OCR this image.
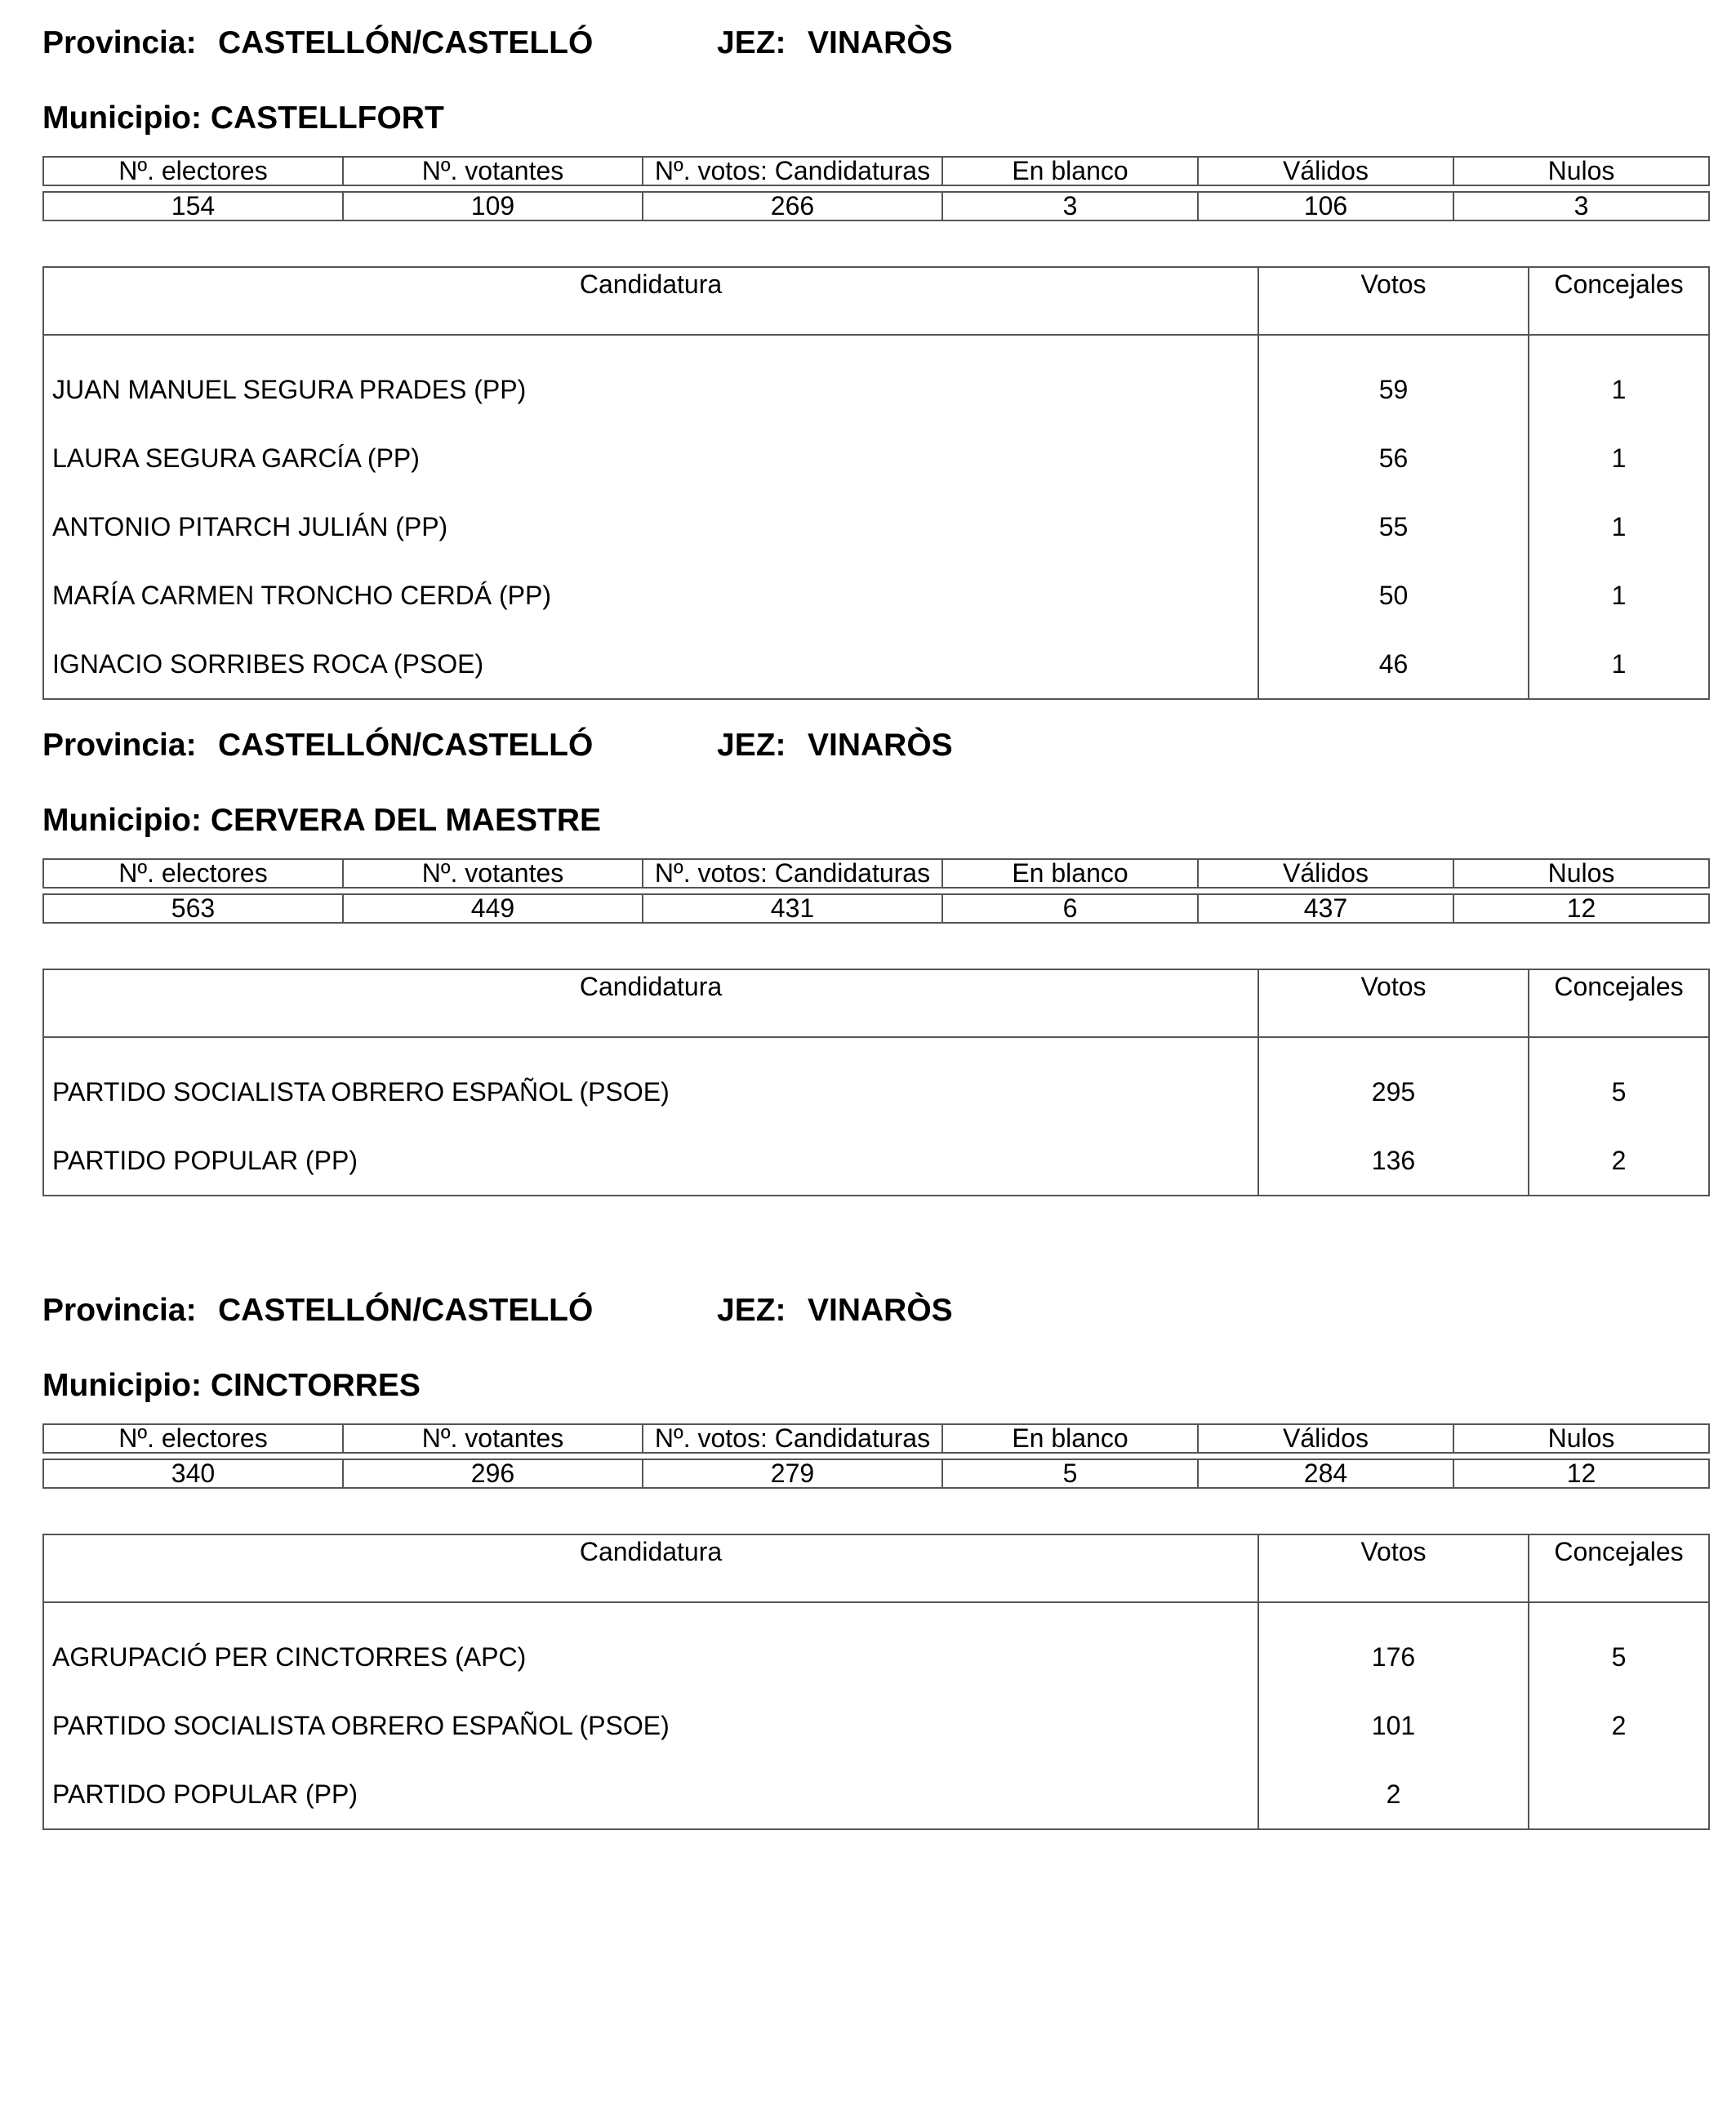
Provincia: CASTELLÓN/CASTELLÓ	JEZ: VINARÒS
Municipio: CASTELLFORT
Nº. electores	Nº. votantes	Nº. votos: Candidaturas	En blanco	Válidos	Nulos

154	109	266	3	106	3
Candidatura	Votos	Concejales

JUAN MANUEL SEGURA PRADES (PP)	59	1
LAURA SEGURA GARCÍA (PP)	56	1
ANTONIO PITARCH JULIÁN (PP)	55	1
MARÍA CARMEN TRONCHO CERDÁ (PP)	50	1
IGNACIO SORRIBES ROCA (PSOE)	46	1
Provincia: CASTELLÓN/CASTELLÓ	JEZ: VINARÒS
Municipio: CERVERA DEL MAESTRE
Nº. electores	Nº. votantes	Nº. votos: Candidaturas	En blanco	Válidos	Nulos

563	449	431	6	437	12
Candidatura	Votos	Concejales

PARTIDO SOCIALISTA OBRERO ESPAÑOL (PSOE)	295	5
PARTIDO POPULAR (PP)	136	2
Provincia: CASTELLÓN/CASTELLÓ	JEZ: VINARÒS
Municipio: CINCTORRES
Nº. electores	Nº. votantes	Nº. votos: Candidaturas	En blanco	Válidos	Nulos

340	296	279	5	284	12
Candidatura	Votos	Concejales

AGRUPACIÓ PER CINCTORRES (APC)	176	5
PARTIDO SOCIALISTA OBRERO ESPAÑOL (PSOE)	101	2
PARTIDO POPULAR (PP)	2	
